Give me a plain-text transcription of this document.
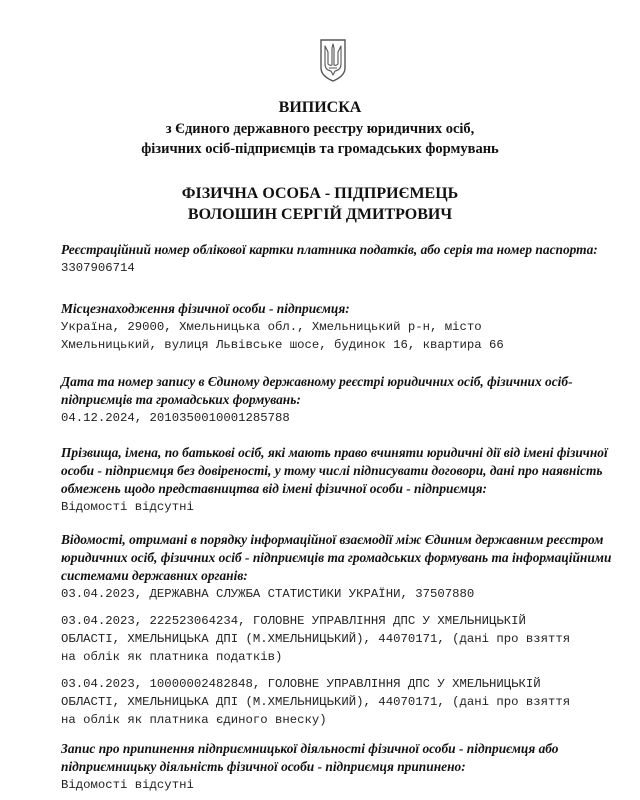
ВИПИСКА
з Єдиного державного реєстру юридичних осіб,
фізичних осіб-підприємців та громадських формувань
ФІЗИЧНА ОСОБА - ПІДПРИЄМЕЦЬ
ВОЛОШИН СЕРГІЙ ДМИТРОВИЧ
Реєстраційний номер облікової картки платника податків, або серія та номер паспорта:
3307906714
Місцезнаходження фізичної особи - підприємця:
Україна, 29000, Хмельницька обл., Хмельницький р-н, місто
Хмельницький, вулиця Львівське шосе, будинок 16, квартира 66
Дата та номер запису в Єдиному державному реєстрі юридичних осіб, фізичних осіб-
підприємців та громадських формувань:
04.12.2024, 2010350010001285788
Прізвища, імена, по батькові осіб, які мають право вчиняти юридичні дії від імені фізичної
особи - підприємця без довіреності, у тому числі підписувати договори, дані про наявність
обмежень щодо представництва від імені фізичної особи - підприємця:
Відомості відсутні
Відомості, отримані в порядку інформаційної взаємодії між Єдиним державним реєстром
юридичних осіб, фізичних осіб - підприємців та громадських формувань та інформаційними
системами державних органів:
03.04.2023, ДЕРЖАВНА СЛУЖБА СТАТИСТИКИ УКРАЇНИ, 37507880
03.04.2023, 222523064234, ГОЛОВНЕ УПРАВЛІННЯ ДПС У ХМЕЛЬНИЦЬКІЙ
ОБЛАСТІ, ХМЕЛЬНИЦЬКА ДПІ (М.ХМЕЛЬНИЦЬКИЙ), 44070171, (дані про взяття
на облік як платника податків)
03.04.2023, 10000002482848, ГОЛОВНЕ УПРАВЛІННЯ ДПС У ХМЕЛЬНИЦЬКІЙ
ОБЛАСТІ, ХМЕЛЬНИЦЬКА ДПІ (М.ХМЕЛЬНИЦЬКИЙ), 44070171, (дані про взяття
на облік як платника єдиного внеску)
Запис про припинення підприємницької діяльності фізичної особи - підприємця або
підприємницьку діяльність фізичної особи - підприємця припинено:
Відомості відсутні
